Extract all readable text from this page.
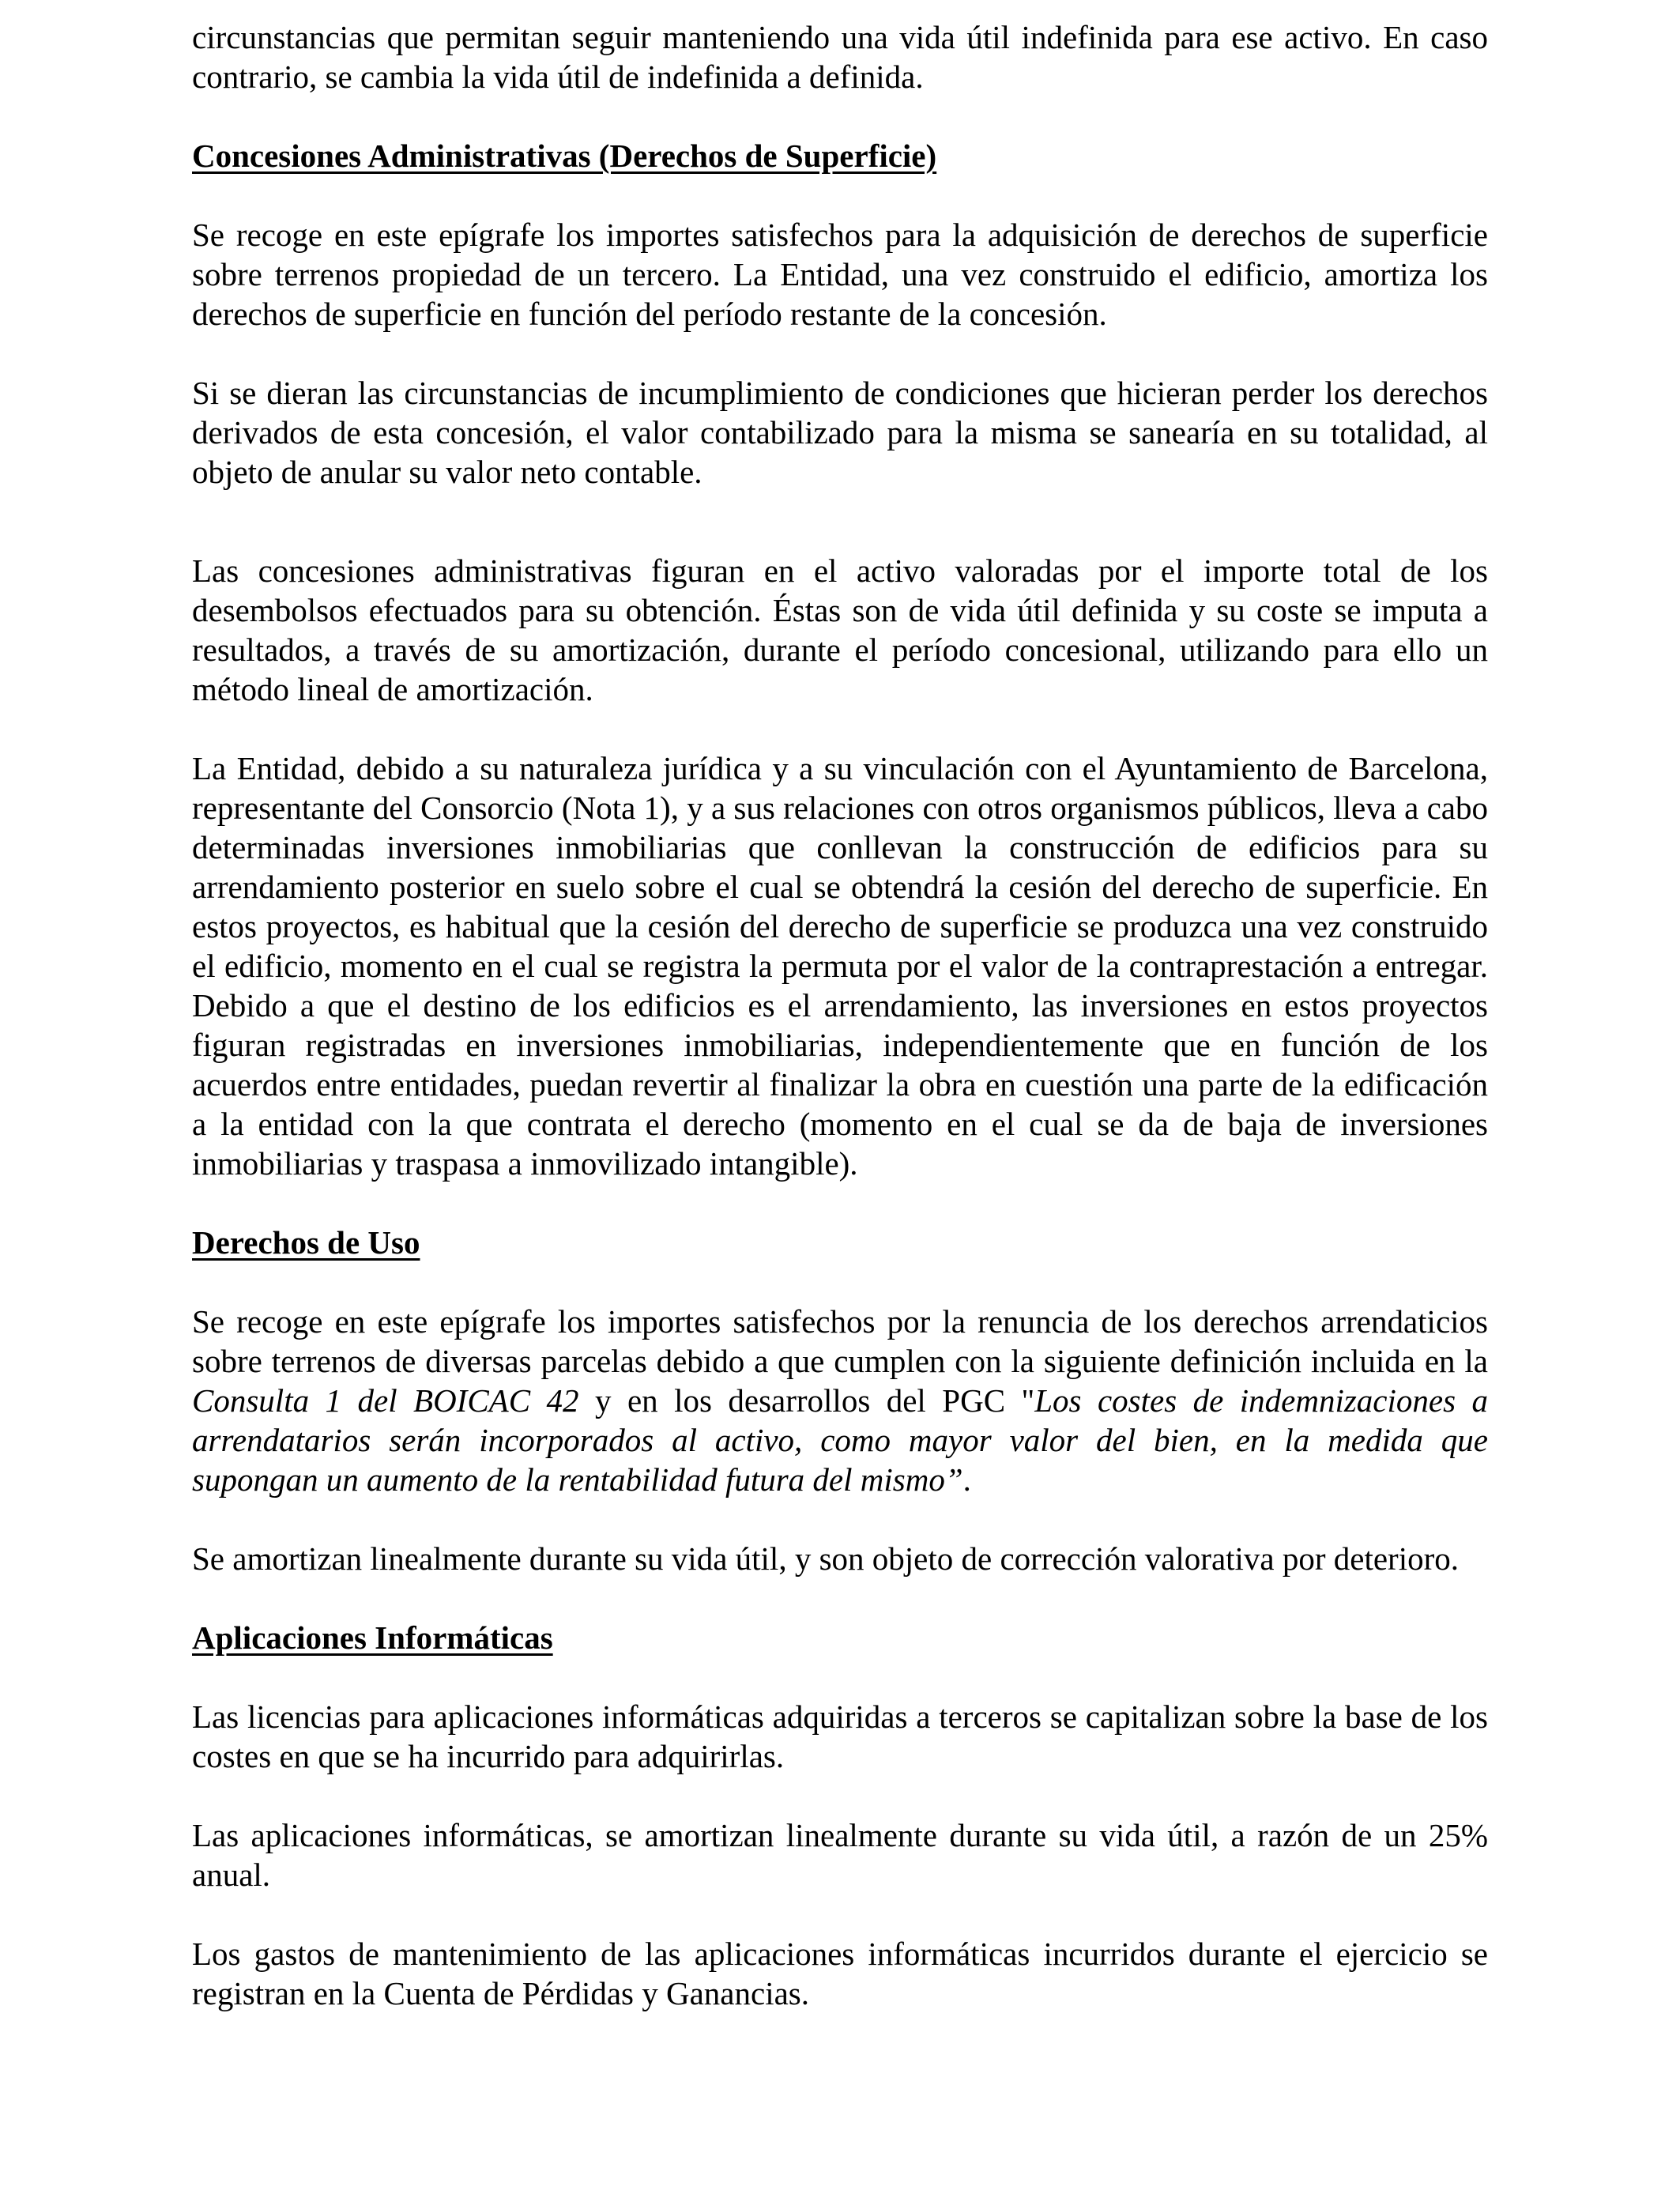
circunstancias que permitan seguir manteniendo una vida útil indefinida para ese activo. En caso contrario, se cambia la vida útil de indefinida a definida.

Concesiones Administrativas (Derechos de Superficie)

Se recoge en este epígrafe los importes satisfechos para la adquisición de derechos de superficie sobre terrenos propiedad de un tercero. La Entidad, una vez construido el edificio, amortiza los derechos de superficie en función del período restante de la concesión.

Si se dieran las circunstancias de incumplimiento de condiciones que hicieran perder los derechos derivados de esta concesión, el valor contabilizado para la misma se sanearía en su totalidad, al objeto de anular su valor neto contable.

Las concesiones administrativas figuran en el activo valoradas por el importe total de los desembolsos efectuados para su obtención. Éstas son de vida útil definida y su coste se imputa a resultados, a través de su amortización, durante el período concesional, utilizando para ello un método lineal de amortización.

La Entidad, debido a su naturaleza jurídica y a su vinculación con el Ayuntamiento de Barcelona, representante del Consorcio (Nota 1), y a sus relaciones con otros organismos públicos, lleva a cabo determinadas inversiones inmobiliarias que conllevan la construcción de edificios para su arrendamiento posterior en suelo sobre el cual se obtendrá la cesión del derecho de superficie. En estos proyectos, es habitual que la cesión del derecho de superficie se produzca una vez construido el edificio, momento en el cual se registra la permuta por el valor de la contraprestación a entregar. Debido a que el destino de los edificios es el arrendamiento, las inversiones en estos proyectos figuran registradas en inversiones inmobiliarias, independientemente que en función de los acuerdos entre entidades, puedan revertir al finalizar la obra en cuestión una parte de la edificación a la entidad con la que contrata el derecho (momento en el cual se da de baja de inversiones inmobiliarias y traspasa a inmovilizado intangible).

Derechos de Uso

Se recoge en este epígrafe los importes satisfechos por la renuncia de los derechos arrendaticios sobre terrenos de diversas parcelas debido a que cumplen con la siguiente definición incluida en la Consulta 1 del BOICAC 42 y en los desarrollos del PGC "Los costes de indemnizaciones a arrendatarios serán incorporados al activo, como mayor valor del bien, en la medida que supongan un aumento de la rentabilidad futura del mismo”.

Se amortizan linealmente durante su vida útil, y son objeto de corrección valorativa por deterioro.

Aplicaciones Informáticas

Las licencias para aplicaciones informáticas adquiridas a terceros se capitalizan sobre la base de los costes en que se ha incurrido para adquirirlas.

Las aplicaciones informáticas, se amortizan linealmente durante su vida útil, a razón de un 25% anual.

Los gastos de mantenimiento de las aplicaciones informáticas incurridos durante el ejercicio se registran en la Cuenta de Pérdidas y Ganancias.
